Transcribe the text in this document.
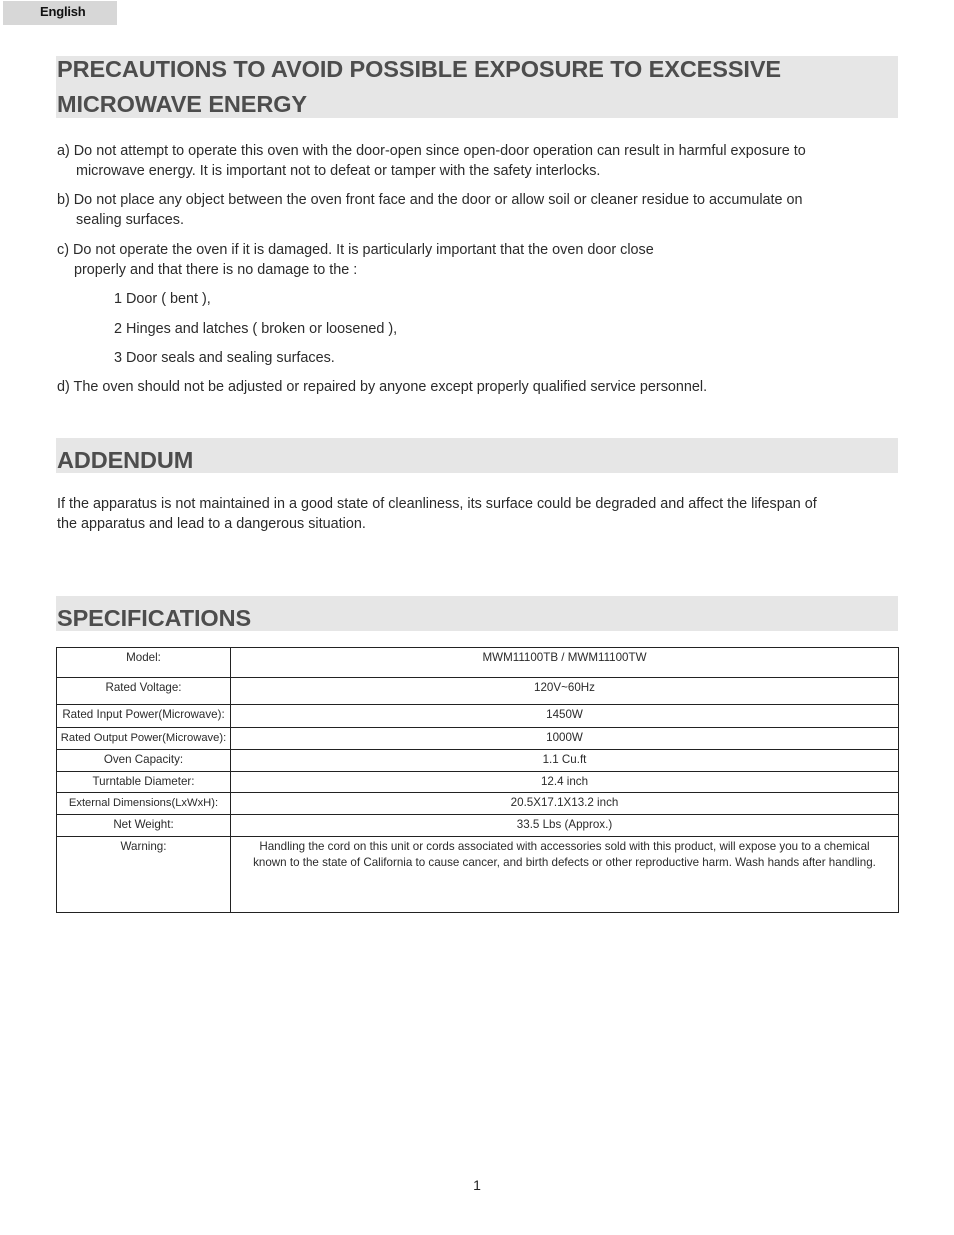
English
PRECAUTIONS TO AVOID POSSIBLE EXPOSURE TO EXCESSIVE
MICROWAVE ENERGY

a) Do not attempt to operate this oven with the door-open since open-door operation can result in harmful exposure to
microwave energy. It is important not to defeat or tamper with the safety interlocks.

b) Do not place any object between the oven front face and the door or allow soil or cleaner residue to accumulate on
sealing surfaces.

c) Do not operate the oven if it is damaged. It is particularly important that the oven door close
properly and that there is no damage to the :

1 Door ( bent ),
2 Hinges and latches ( broken or loosened ),
3 Door seals and sealing surfaces.

d) The oven should not be adjusted or repaired by anyone except properly qualified service personnel.

ADDENDUM

If the apparatus is not maintained in a good state of cleanliness, its surface could be degraded and affect the lifespan of
the apparatus and lead to a dangerous situation.

SPECIFICATIONS
Model:	MWM11100TB / MWM11100TW
Rated Voltage:	120V~60Hz
Rated Input Power(Microwave):	1450W
Rated Output Power(Microwave):	1000W
Oven Capacity:	1.1 Cu.ft
Turntable Diameter:	12.4 inch
External Dimensions(LxWxH):	20.5X17.1X13.2 inch
Net Weight:	33.5 Lbs (Approx.)
Warning:	Handling the cord on this unit or cords associated with accessories sold with this product, will expose you to a chemical known to the state of California to cause cancer, and birth defects or other reproductive harm. Wash hands after handling.
1
